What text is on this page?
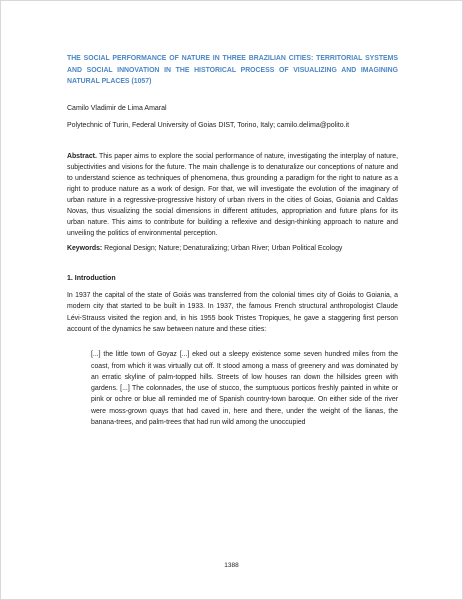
THE SOCIAL PERFORMANCE OF NATURE IN THREE BRAZILIAN CITIES: TERRITORIAL SYSTEMS AND SOCIAL INNOVATION IN THE HISTORICAL PROCESS OF VISUALIZING AND IMAGINING NATURAL PLACES (1057)

Camilo Vladimir de Lima Amaral

Polytechnic of Turin, Federal University of Goias DIST, Torino, Italy; camilo.delima@polito.it

Abstract. This paper aims to explore the social performance of nature, investigating the interplay of nature, subjectivities and visions for the future. The main challenge is to denaturalize our conceptions of nature and to understand science as techniques of phenomena, thus grounding a paradigm for the right to nature as a right to produce nature as a work of design. For that, we will investigate the evolution of the imaginary of urban nature in a regressive-progressive history of urban rivers in the cities of Goias, Goiania and Caldas Novas, thus visualizing the social dimensions in different attitudes, appropriation and future plans for its urban nature. This aims to contribute for building a reflexive and design-thinking approach to nature and unveiling the politics of environmental perception.

Keywords: Regional Design; Nature; Denaturalizing; Urban River; Urban Political Ecology

1. Introduction

In 1937 the capital of the state of Goiás was transferred from the colonial times city of Goiás to Goiania, a modern city that started to be built in 1933. In 1937, the famous French structural anthropologist Claude Lévi-Strauss visited the region and, in his 1955 book Tristes Tropiques, he gave a staggering first person account of the dynamics he saw between nature and these cities:

[...] the little town of Goyaz [...] eked out a sleepy existence some seven hundred miles from the coast, from which it was virtually cut off. It stood among a mass of greenery and was dominated by an erratic skyline of palm-topped hills. Streets of low houses ran down the hillsides green with gardens. [...] The colonnades, the use of stucco, the sumptuous porticos freshly painted in white or pink or ochre or blue all reminded me of Spanish country-town baroque. On either side of the river were moss-grown quays that had caved in, here and there, under the weight of the lianas, the banana-trees, and palm-trees that had run wild among the unoccupied

1388
